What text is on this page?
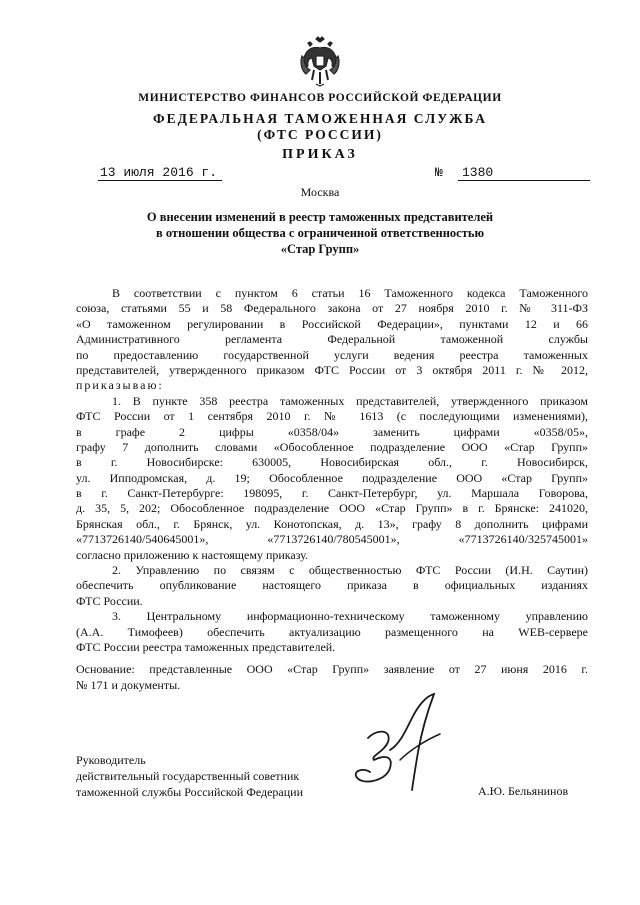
МИНИСТЕРСТВО ФИНАНСОВ РОССИЙСКОЙ ФЕДЕРАЦИИ
ФЕДЕРАЛЬНАЯ ТАМОЖЕННАЯ СЛУЖБА
(ФТС РОССИИ)
ПРИКАЗ
13 июля 2016 г.	№	1380
Москва
О внесении изменений в реестр таможенных представителей
в отношении общества с ограниченной ответственностью
«Стар Групп»
В соответствии с пунктом 6 статьи 16 Таможенного кодекса Таможенного
союза, статьями 55 и 58 Федерального закона от 27 ноября 2010 г. № 311-ФЗ
«О таможенном регулировании в Российской Федерации», пунктами 12 и 66
Административного регламента Федеральной таможенной службы
по предоставлению государственной услуги ведения реестра таможенных
представителей, утвержденного приказом ФТС России от 3 октября 2011 г. № 2012,
приказываю:
1. В пункте 358 реестра таможенных представителей, утвержденного приказом
ФТС России от 1 сентября 2010 г. № 1613 (с последующими изменениями),
в графе 2 цифры «0358/04» заменить цифрами «0358/05»,
графу 7 дополнить словами «Обособленное подразделение ООО «Стар Групп»
в г. Новосибирске: 630005, Новосибирская обл., г. Новосибирск,
ул. Ипподромская, д. 19; Обособленное подразделение ООО «Стар Групп»
в г. Санкт-Петербурге: 198095, г. Санкт-Петербург, ул. Маршала Говорова,
д. 35, 5, 202; Обособленное подразделение ООО «Стар Групп» в г. Брянске: 241020,
Брянская обл., г. Брянск, ул. Конотопская, д. 13», графу 8 дополнить цифрами
«7713726140/540645001», «7713726140/780545001», «7713726140/325745001»
согласно приложению к настоящему приказу.
2. Управлению по связям с общественностью ФТС России (И.Н. Саутин)
обеспечить опубликование настоящего приказа в официальных изданиях
ФТС России.
3. Центральному информационно-техническому таможенному управлению
(А.А. Тимофеев) обеспечить актуализацию размещенного на WEB-сервере
ФТС России реестра таможенных представителей.
Основание: представленные ООО «Стар Групп» заявление от 27 июня 2016 г.
№ 171 и документы.
Руководитель
действительный государственный советник
таможенной службы Российской Федерации	А.Ю. Бельянинов
